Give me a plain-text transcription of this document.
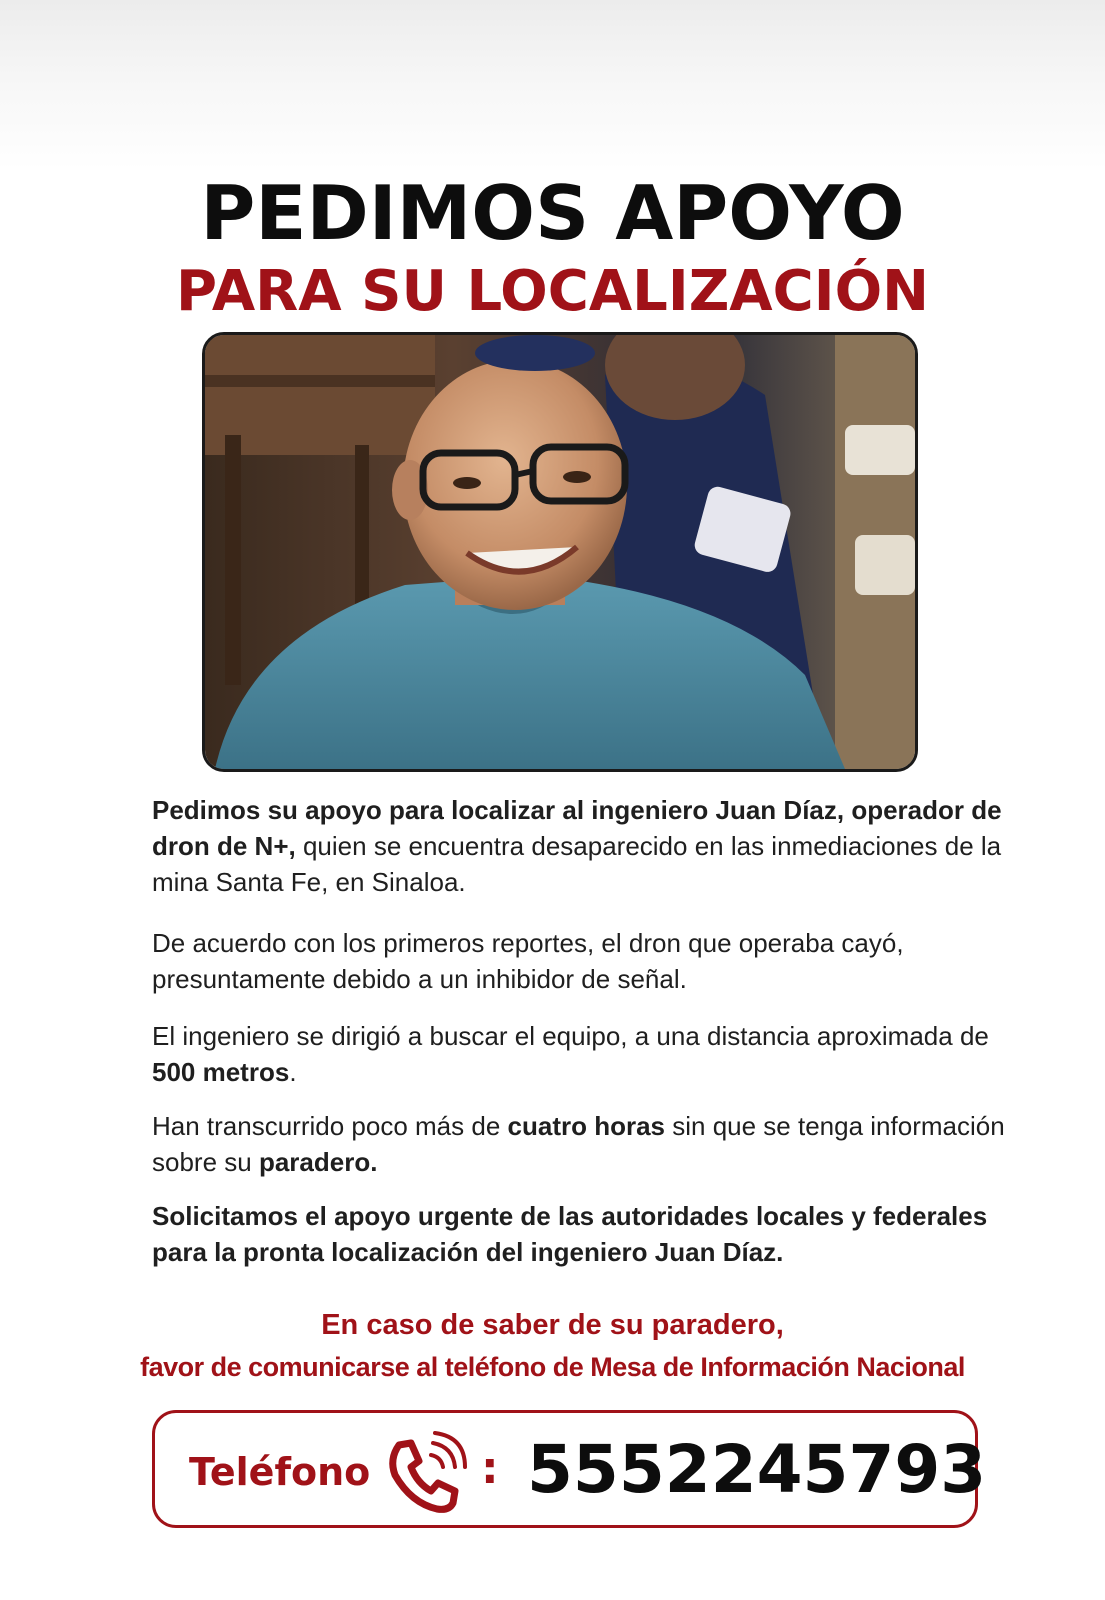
PEDIMOS APOYO
PARA SU LOCALIZACIÓN

Pedimos su apoyo para localizar al ingeniero Juan Díaz, operador de dron de N+, quien se encuentra desaparecido en las inmediaciones de la mina Santa Fe, en Sinaloa.

De acuerdo con los primeros reportes, el dron que operaba cayó, presuntamente debido a un inhibidor de señal.

El ingeniero se dirigió a buscar el equipo, a una distancia aproximada de 500 metros.

Han transcurrido poco más de cuatro horas sin que se tenga información sobre su paradero.

Solicitamos el apoyo urgente de las autoridades locales y federales para la pronta localización del ingeniero Juan Díaz.

En caso de saber de su paradero,

favor de comunicarse al teléfono de Mesa de Información Nacional

Teléfono	: 5552245793
